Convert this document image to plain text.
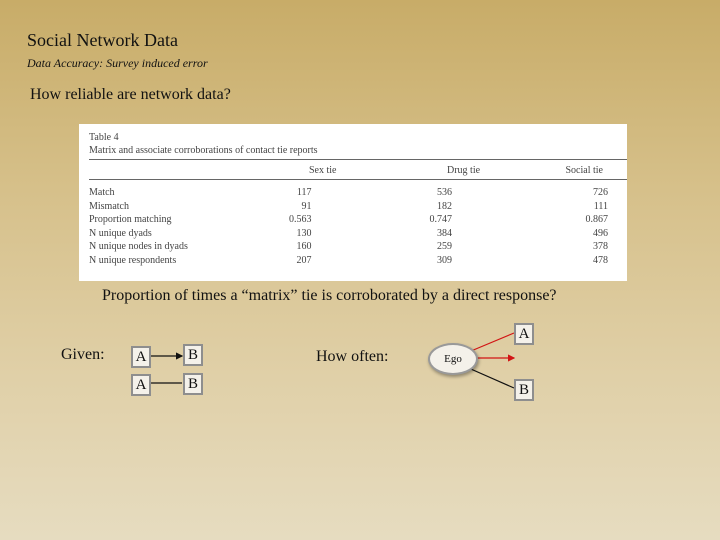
Social Network Data
Data Accuracy: Survey induced error
How reliable are network data?
Table 4
Matrix and associate corroborations of contact tie reports
		Sex tie		Drug tie	Social tie
Match	117		536		726
Mismatch	91		182		111
Proportion matching	0.563		0.747		0.867
N unique dyads	130		384		496
N unique nodes in dyads	160		259		378
N unique respondents	207		309		478
Proportion of times a “matrix” tie is corroborated by a direct response?
Given:	How often:
A	B
A	B
Ego
A
B
